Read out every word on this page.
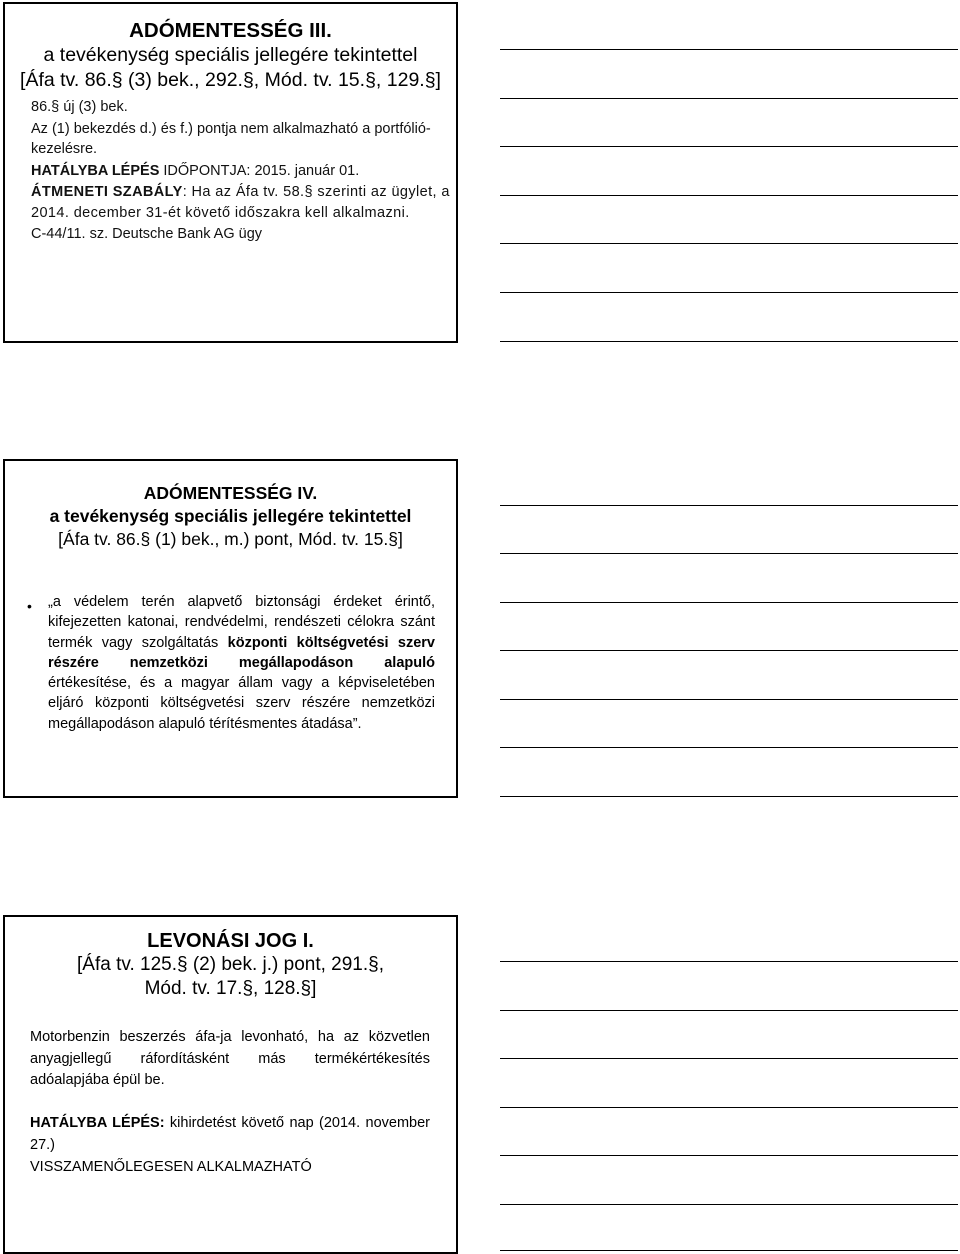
ADÓMENTESSÉG III.
a tevékenység speciális jellegére tekintettel
[Áfa tv. 86.§ (3) bek., 292.§, Mód. tv. 15.§, 129.§]

86.§ új (3) bek.

Az (1) bekezdés d.) és f.) pontja nem alkalmazható a portfólió-kezelésre.

HATÁLYBA LÉPÉS IDŐPONTJA: 2015. január 01.

ÁTMENETI SZABÁLY: Ha az Áfa tv. 58.§ szerinti az ügylet, a 2014. december 31-ét követő időszakra kell alkalmazni.

C-44/11. sz. Deutsche Bank AG ügy

ADÓMENTESSÉG IV.
a tevékenység speciális jellegére tekintettel
[Áfa tv. 86.§ (1) bek., m.) pont, Mód. tv. 15.§]
• „a védelem terén alapvető biztonsági érdeket érintő, kifejezetten katonai, rendvédelmi, rendészeti célokra szánt termék vagy szolgáltatás központi költségvetési szerv részére nemzetközi megállapodáson alapuló értékesítése, és a magyar állam vagy a képviseletében eljáró központi költségvetési szerv részére nemzetközi megállapodáson alapuló térítésmentes átadása”.
LEVONÁSI JOG I.
[Áfa tv. 125.§ (2) bek. j.) pont, 291.§,
Mód. tv. 17.§, 128.§]
Motorbenzin beszerzés áfa-ja levonható, ha az közvetlen anyagjellegű ráfordításként más termékértékesítés adóalapjába épül be.
HATÁLYBA LÉPÉS: kihirdetést követő nap (2014. november 27.)
VISSZAMENŐLEGESEN ALKALMAZHATÓ
